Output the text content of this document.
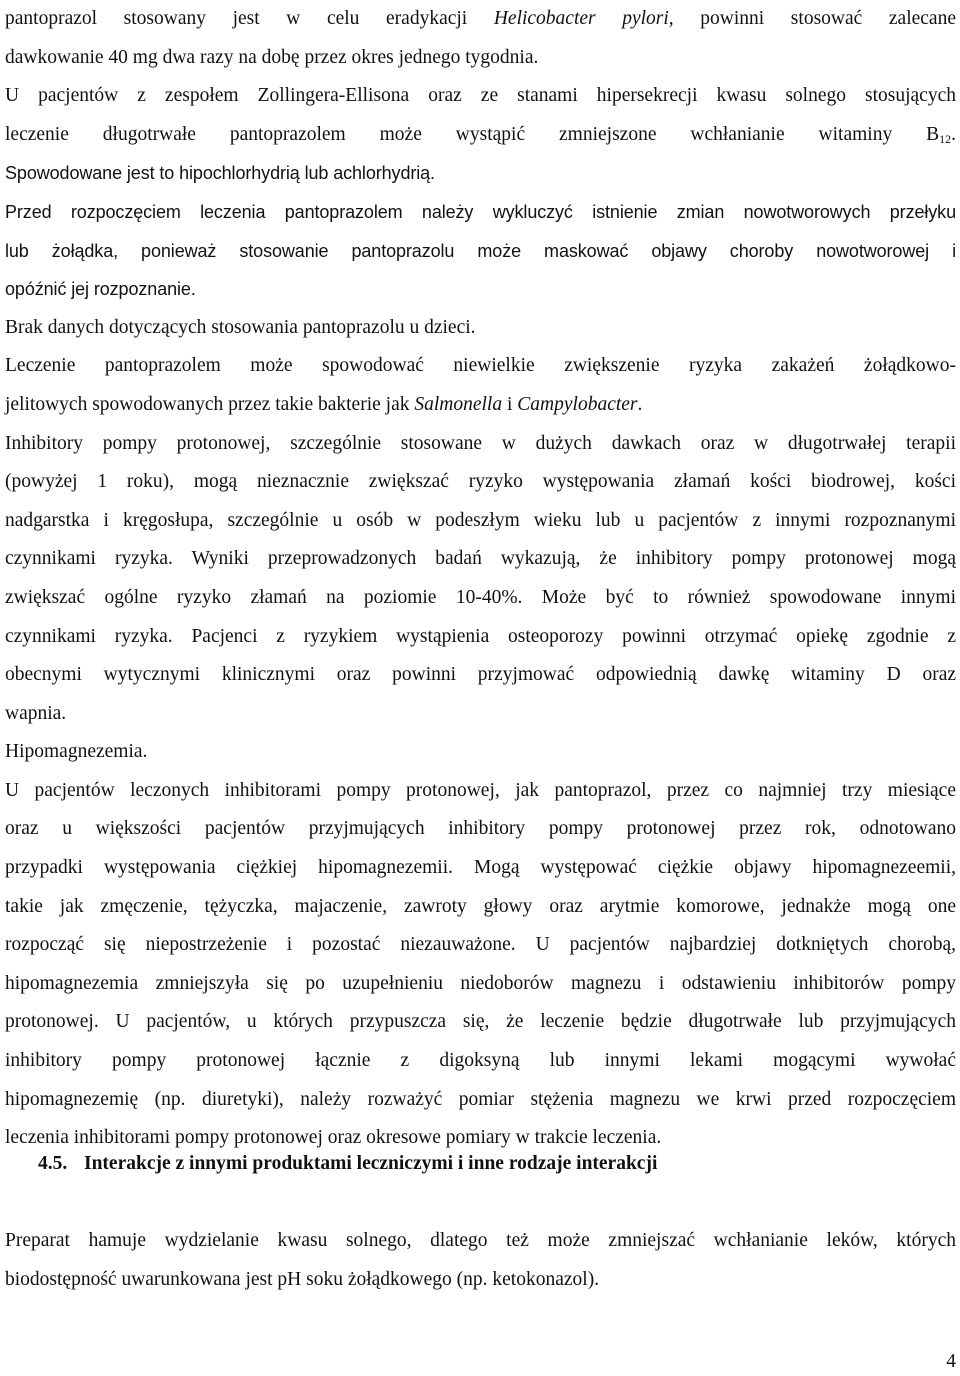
pantoprazol stosowany jest w celu eradykacji Helicobacter pylori, powinni stosować zalecane
dawkowanie 40 mg dwa razy na dobę przez okres jednego tygodnia.

U pacjentów z zespołem Zollingera-Ellisona oraz ze stanami hipersekrecji kwasu solnego stosujących
leczenie długotrwałe pantoprazolem może wystąpić zmniejszone wchłanianie witaminy $B_{12}$.
Spowodowane jest to hipochlorhydrią lub achlorhydrią.

Przed rozpoczęciem leczenia pantoprazolem należy wykluczyć istnienie zmian nowotworowych przełyku
lub żołądka, ponieważ stosowanie pantoprazolu może maskować objawy choroby nowotworowej i
opóźnić jej rozpoznanie.

Brak danych dotyczących stosowania pantoprazolu u dzieci.

Leczenie pantoprazolem może spowodować niewielkie zwiększenie ryzyka zakażeń żołądkowo-
jelitowych spowodowanych przez takie bakterie jak Salmonella i Campylobacter.

Inhibitory pompy protonowej, szczególnie stosowane w dużych dawkach oraz w długotrwałej terapii
(powyżej 1 roku), mogą nieznacznie zwiększać ryzyko występowania złamań kości biodrowej, kości
nadgarstka i kręgosłupa, szczególnie u osób w podeszłym wieku lub u pacjentów z innymi rozpoznanymi
czynnikami ryzyka. Wyniki przeprowadzonych badań wykazują, że inhibitory pompy protonowej mogą
zwiększać ogólne ryzyko złamań na poziomie 10-40%. Może być to również spowodowane innymi
czynnikami ryzyka. Pacjenci z ryzykiem wystąpienia osteoporozy powinni otrzymać opiekę zgodnie z
obecnymi wytycznymi klinicznymi oraz powinni przyjmować odpowiednią dawkę witaminy D oraz
wapnia.

Hipomagnezemia.

U pacjentów leczonych inhibitorami pompy protonowej, jak pantoprazol, przez co najmniej trzy miesiące
oraz u większości pacjentów przyjmujących inhibitory pompy protonowej przez rok, odnotowano
przypadki występowania ciężkiej hipomagnezemii. Mogą występować ciężkie objawy hipomagnezeemii,
takie jak zmęczenie, tężyczka, majaczenie, zawroty głowy oraz arytmie komorowe, jednakże mogą one
rozpocząć się niepostrzeżenie i pozostać niezauważone. U pacjentów najbardziej dotkniętych chorobą,
hipomagnezemia zmniejszyła się po uzupełnieniu niedoborów magnezu i odstawieniu inhibitorów pompy
protonowej. U pacjentów, u których przypuszcza się, że leczenie będzie długotrwałe lub przyjmujących
inhibitory pompy protonowej łącznie z digoksyną lub innymi lekami mogącymi wywołać
hipomagnezemię (np. diuretyki), należy rozważyć pomiar stężenia magnezu we krwi przed rozpoczęciem
leczenia inhibitorami pompy protonowej oraz okresowe pomiary w trakcie leczenia.

4.5. Interakcje z innymi produktami leczniczymi i inne rodzaje interakcji
Preparat hamuje wydzielanie kwasu solnego, dlatego też może zmniejszać wchłanianie leków, których
biodostępność uwarunkowana jest pH soku żołądkowego (np. ketokonazol).
4
